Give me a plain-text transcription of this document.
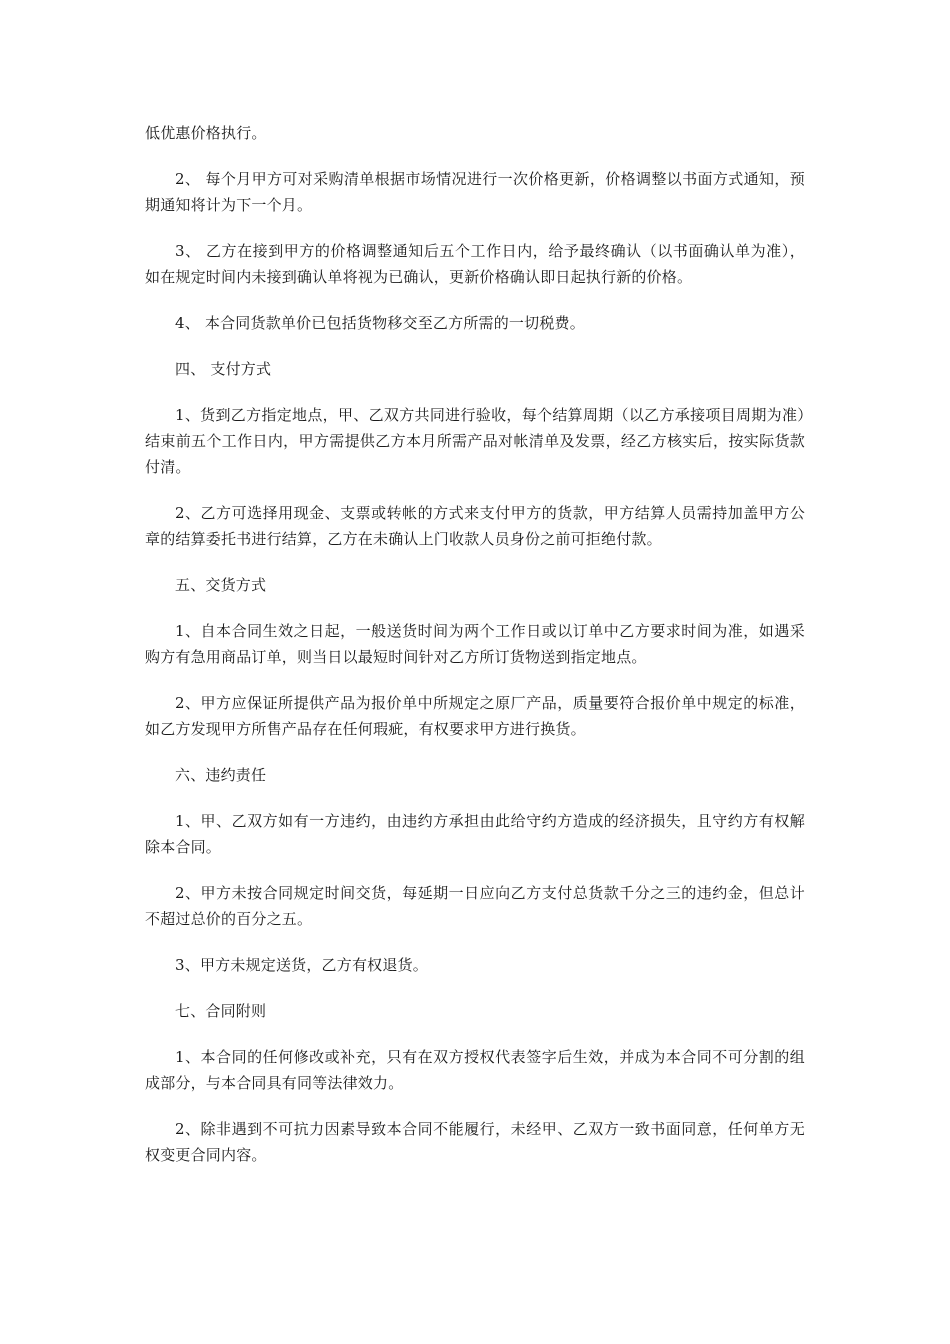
低优惠价格执行。

2、 每个月甲方可对采购清单根据市场情况进行一次价格更新，价格调整以书面方式通知，预期通知将计为下一个月。

3、 乙方在接到甲方的价格调整通知后五个工作日内，给予最终确认（以书面确认单为准），如在规定时间内未接到确认单将视为已确认，更新价格确认即日起执行新的价格。

4、 本合同货款单价已包括货物移交至乙方所需的一切税费。

四、 支付方式

1、货到乙方指定地点，甲、乙双方共同进行验收，每个结算周期（以乙方承接项目周期为准）结束前五个工作日内，甲方需提供乙方本月所需产品对帐清单及发票，经乙方核实后，按实际货款付清。

2、乙方可选择用现金、支票或转帐的方式来支付甲方的货款，甲方结算人员需持加盖甲方公章的结算委托书进行结算，乙方在未确认上门收款人员身份之前可拒绝付款。

五、交货方式

1、自本合同生效之日起，一般送货时间为两个工作日或以订单中乙方要求时间为准，如遇采购方有急用商品订单，则当日以最短时间针对乙方所订货物送到指定地点。

2、甲方应保证所提供产品为报价单中所规定之原厂产品，质量要符合报价单中规定的标准，如乙方发现甲方所售产品存在任何瑕疵，有权要求甲方进行换货。

六、违约责任

1、甲、乙双方如有一方违约，由违约方承担由此给守约方造成的经济损失，且守约方有权解除本合同。

2、甲方未按合同规定时间交货，每延期一日应向乙方支付总货款千分之三的违约金，但总计不超过总价的百分之五。

3、甲方未规定送货，乙方有权退货。

七、合同附则

1、本合同的任何修改或补充，只有在双方授权代表签字后生效，并成为本合同不可分割的组成部分，与本合同具有同等法律效力。

2、除非遇到不可抗力因素导致本合同不能履行，未经甲、乙双方一致书面同意，任何单方无权变更合同内容。
